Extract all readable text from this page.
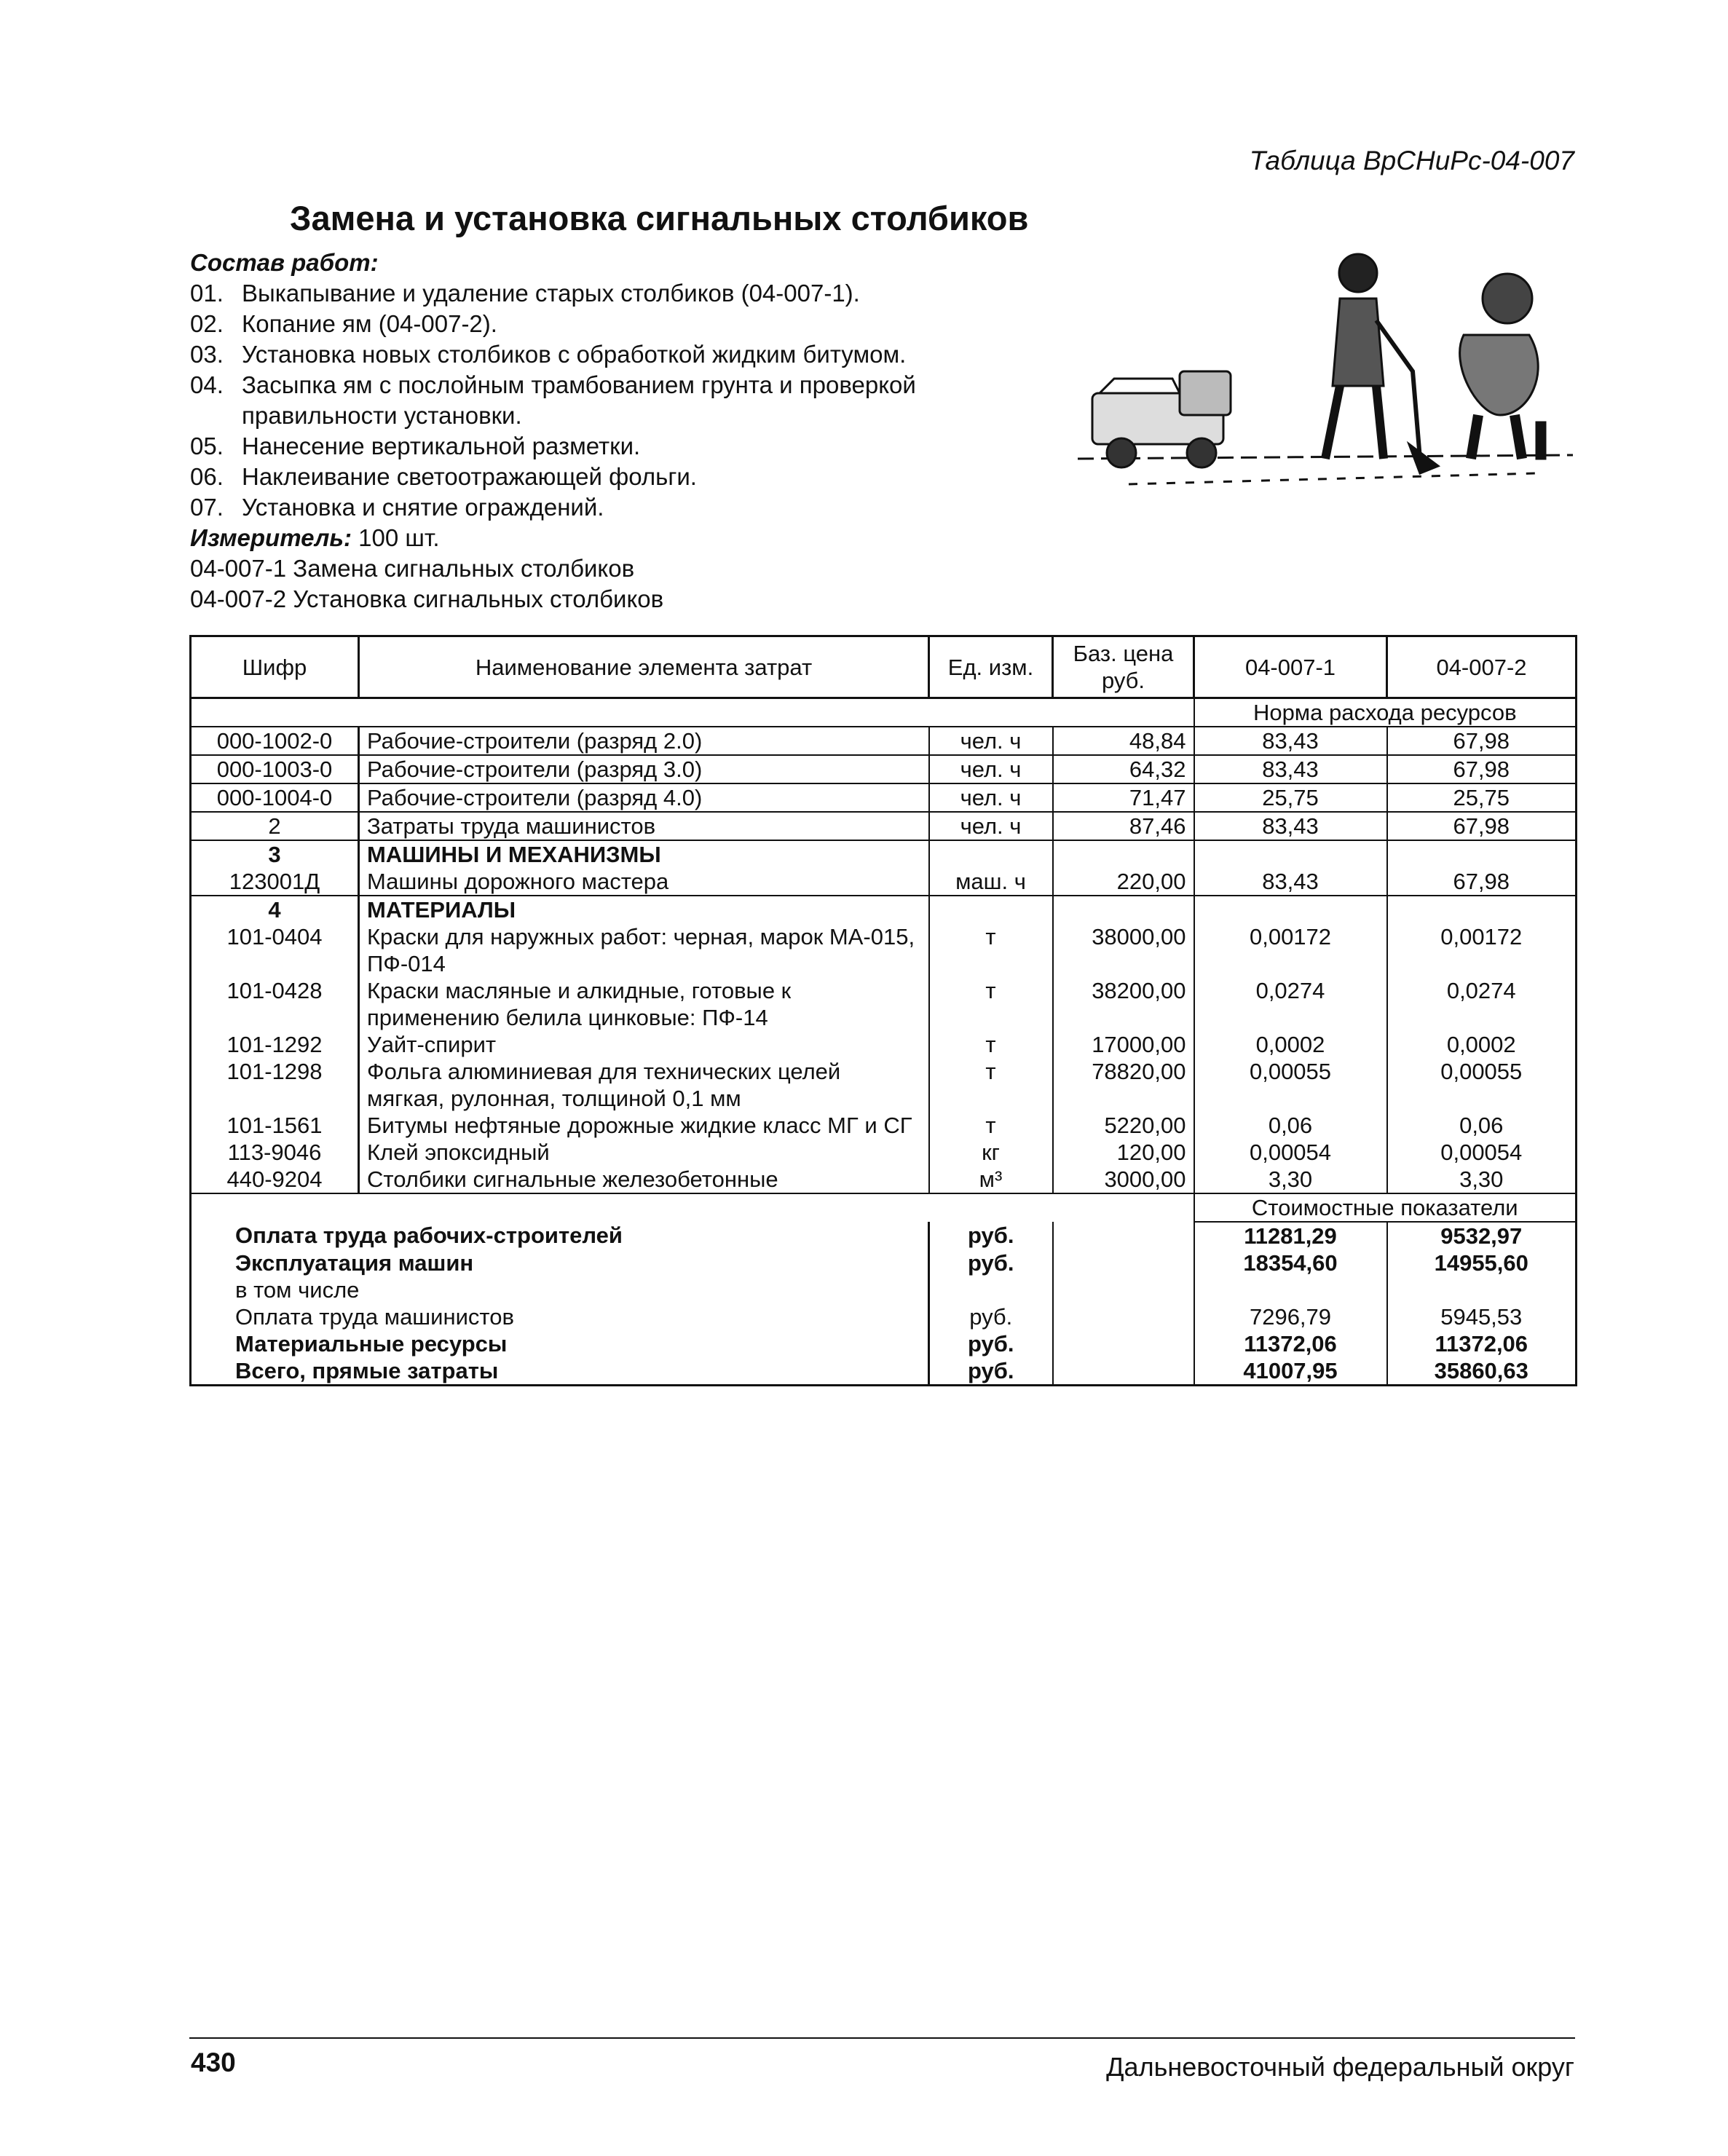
Таблица ВрСНиРс-04-007
Замена и установка сигнальных столбиков
Состав работ:
01. Выкапывание и удаление старых столбиков (04-007-1).
02. Копание ям (04-007-2).
03. Установка новых столбиков с обработкой жидким битумом.
04. Засыпка ям с послойным трамбованием грунта и проверкой правильности установки.
05. Нанесение вертикальной разметки.
06. Наклеивание светоотражающей фольги.
07. Установка и снятие ограждений.
Измеритель: 100 шт.
04-007-1 Замена сигнальных столбиков
04-007-2 Установка сигнальных столбиков
Шифр	Наименование элемента затрат	Ед. изм.	Баз. цена руб.	04-007-1	04-007-2
				Норма расхода ресурсов	
000-1002-0	Рабочие-строители (разряд 2.0)	чел. ч	48,84	83,43	67,98
000-1003-0	Рабочие-строители (разряд 3.0)	чел. ч	64,32	83,43	67,98
000-1004-0	Рабочие-строители (разряд 4.0)	чел. ч	71,47	25,75	25,75
2	Затраты труда машинистов	чел. ч	87,46	83,43	67,98
3	МАШИНЫ И МЕХАНИЗМЫ				
123001Д	Машины дорожного мастера	маш. ч	220,00	83,43	67,98
4	МАТЕРИАЛЫ				
101-0404	Краски для наружных работ: черная, марок МА-015, ПФ-014	т	38000,00	0,00172	0,00172
101-0428	Краски масляные и алкидные, готовые к применению белила цинковые: ПФ-14	т	38200,00	0,0274	0,0274
101-1292	Уайт-спирит	т	17000,00	0,0002	0,0002
101-1298	Фольга алюминиевая для технических целей мягкая, рулонная, толщиной 0,1 мм	т	78820,00	0,00055	0,00055
101-1561	Битумы нефтяные дорожные жидкие класс МГ и СГ	т	5220,00	0,06	0,06
113-9046	Клей эпоксидный	кг	120,00	0,00054	0,00054
440-9204	Столбики сигнальные железобетонные	м³	3000,00	3,30	3,30
				Стоимостные показатели	
Оплата труда рабочих-строителей		руб.		11281,29	9532,97
Эксплуатация машин		руб.		18354,60	14955,60
в том числе					
Оплата труда машинистов		руб.		7296,79	5945,53
Материальные ресурсы		руб.		11372,06	11372,06
Всего, прямые затраты		руб.		41007,95	35860,63
430	Дальневосточный федеральный округ
